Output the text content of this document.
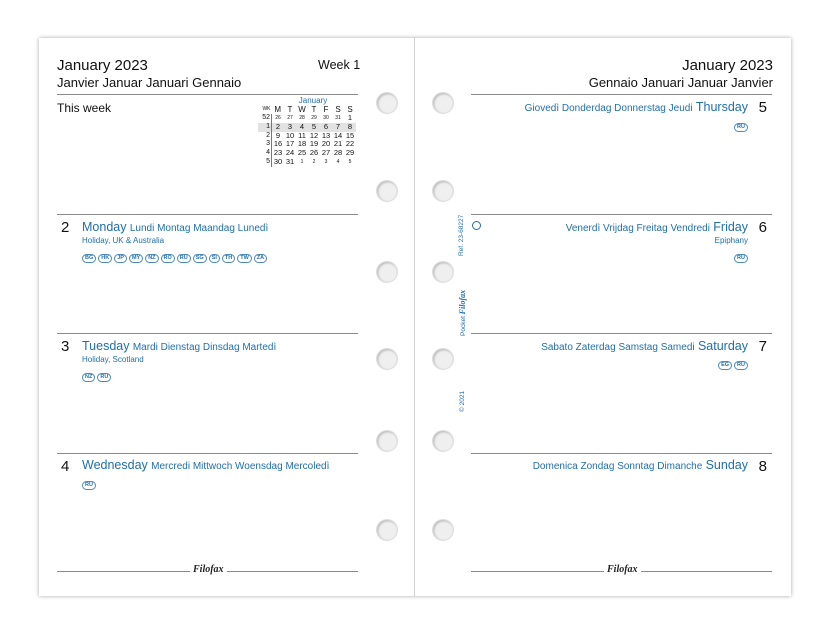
January 2023
Janvier Januar Januari Gennaio
Week 1
This week
January
WK	M	T	W	T	F	S	S
52	26	27	28	29	30	31	1
1	2	3	4	5	6	7	8
2	9	10	11	12	13	14	15
3	16	17	18	19	20	21	22
4	23	24	25	26	27	28	29
5	30	31	1	2	3	4	5
2 Monday Lundi Montag Maandag Lunedì
Holiday, UK & Australia
BG HK JP MY NZ RO RU SG SI TH TW ZA
3 Tuesday Mardi Dienstag Dinsdag Martedì
Holiday, Scotland
NZ RU
4 Wednesday Mercredi Mittwoch Woensdag Mercoledì
RU
Filofax
Ref. 23-68227
Pocket Filofax
© 2021
January 2023
Gennaio Januari Januar Janvier
5
Giovedì Donderdag Donnerstag Jeudi Thursday
RU
6
Venerdì Vrijdag Freitag Vendredi Friday
Epiphany
RU
7
Sabato Zaterdag Samstag Samedi Saturday
EG RU
8
Domenica Zondag Sonntag Dimanche Sunday
Filofax
